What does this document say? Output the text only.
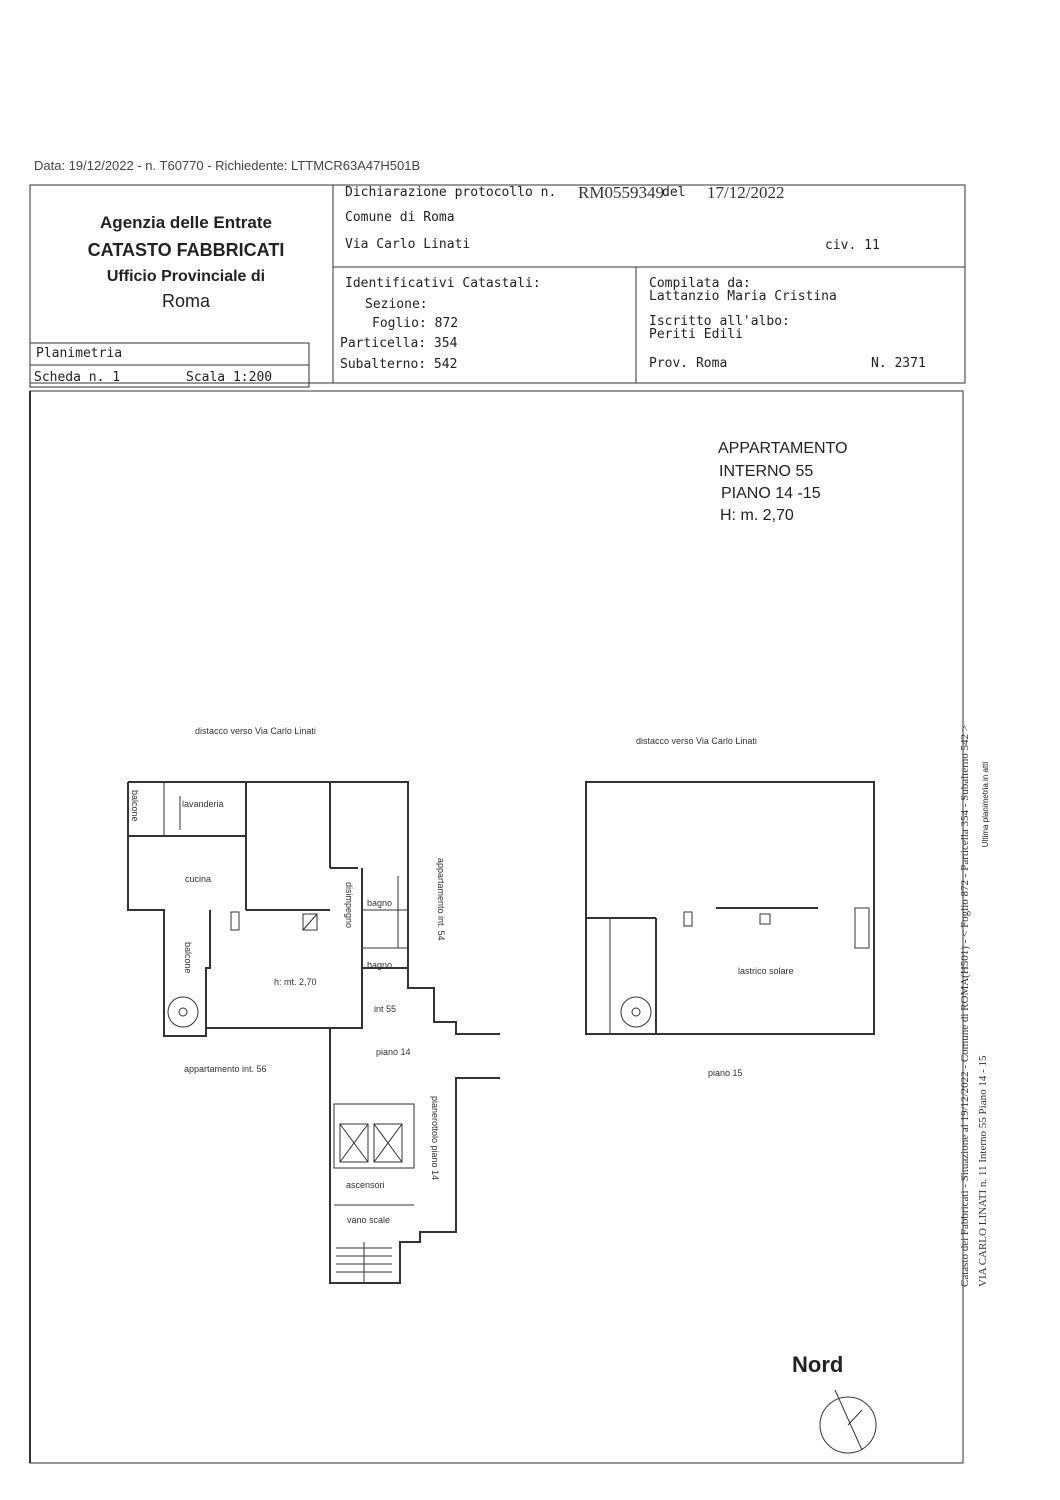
Data: 19/12/2022 - n. T60770 - Richiedente: LTTMCR63A47H501B
Agenzia delle Entrate
CATASTO FABBRICATI
Ufficio Provinciale di
Roma
Dichiarazione protocollo n. RM0559349
del 17/12/2022
Comune di Roma
Via Carlo Linati	civ. 11
Identificativi Catastali:
Sezione:
Foglio: 872
Particella: 354
Subalterno: 542
Compilata da:
Lattanzio Maria Cristina
Iscritto all'albo:
Periti Edili
Prov. Roma	N. 2371
Planimetria
Scheda n. 1	Scala 1:200
APPARTAMENTO
INTERNO 55
PIANO 14 -15
H: m. 2,70
distacco verso Via Carlo Linati
balcone	lavanderia
cucina
disimpegno bagno
bagno
balcone
h: mt. 2,70
int 55
appartamento int. 54
appartamento int. 56
piano 14
pianerottolo piano 14
ascensori
vano scale
distacco verso Via Carlo Linati
lastrico solare
piano 15
Nord
Catasto dei Fabbricati - Situazione al 19/12/2022 - Comune di ROMA(H501) - < Foglio 872 - Particella 354 - Subalterno 542 > VIA CARLO LINATI n. 11 Interno 55 Piano 14 - 15
Ultima planimetria in atti
